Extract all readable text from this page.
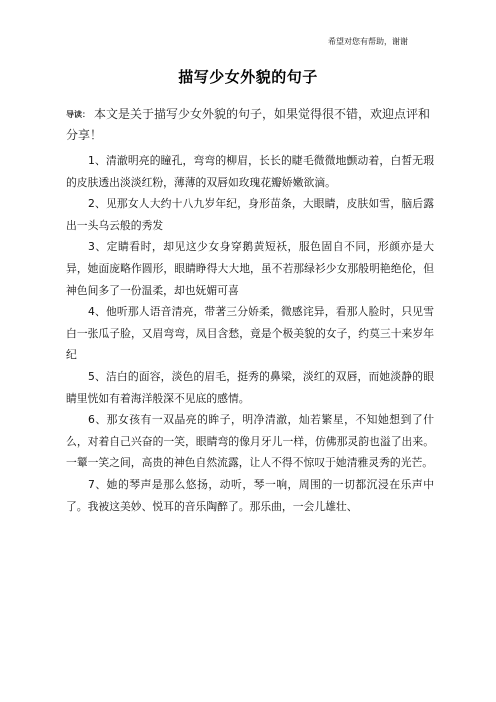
希望对您有帮助，谢谢
描写少女外貌的句子
导读： 本文是关于描写少女外貌的句子，如果觉得很不错，欢迎点评和分享！

1、清澈明亮的瞳孔，弯弯的柳眉，长长的睫毛微微地颤动着，白皙无瑕的皮肤透出淡淡红粉，薄薄的双唇如玫瑰花瓣娇嫩欲滴。

2、见那女人大约十八九岁年纪，身形苗条，大眼睛，皮肤如雪，脑后露出一头乌云般的秀发

3、定睛看时，却见这少女身穿鹅黄短袄，服色固自不同，形颜亦是大异，她面庞略作圆形，眼睛睁得大大地，虽不若那绿衫少女那般明艳绝伦，但神色间多了一份温柔，却也妩媚可喜

4、他听那人语音清亮，带著三分娇柔，微感诧异，看那人脸时，只见雪白一张瓜子脸，又眉弯弯，凤目含愁，竟是个极美貌的女子，约莫三十来岁年纪

5、洁白的面容，淡色的眉毛，挺秀的鼻梁，淡红的双唇，而她淡静的眼睛里恍如有着海洋般深不见底的感情。

6、那女孩有一双晶亮的眸子，明净清澈，灿若繁星，不知她想到了什么，对着自己兴奋的一笑，眼睛弯的像月牙儿一样，仿佛那灵韵也溢了出来。一颦一笑之间，高贵的神色自然流露，让人不得不惊叹于她清雅灵秀的光芒。

7、她的琴声是那么悠扬，动听，琴一响，周围的一切都沉浸在乐声中了。我被这美妙、悦耳的音乐陶醉了。那乐曲，一会儿雄壮、
